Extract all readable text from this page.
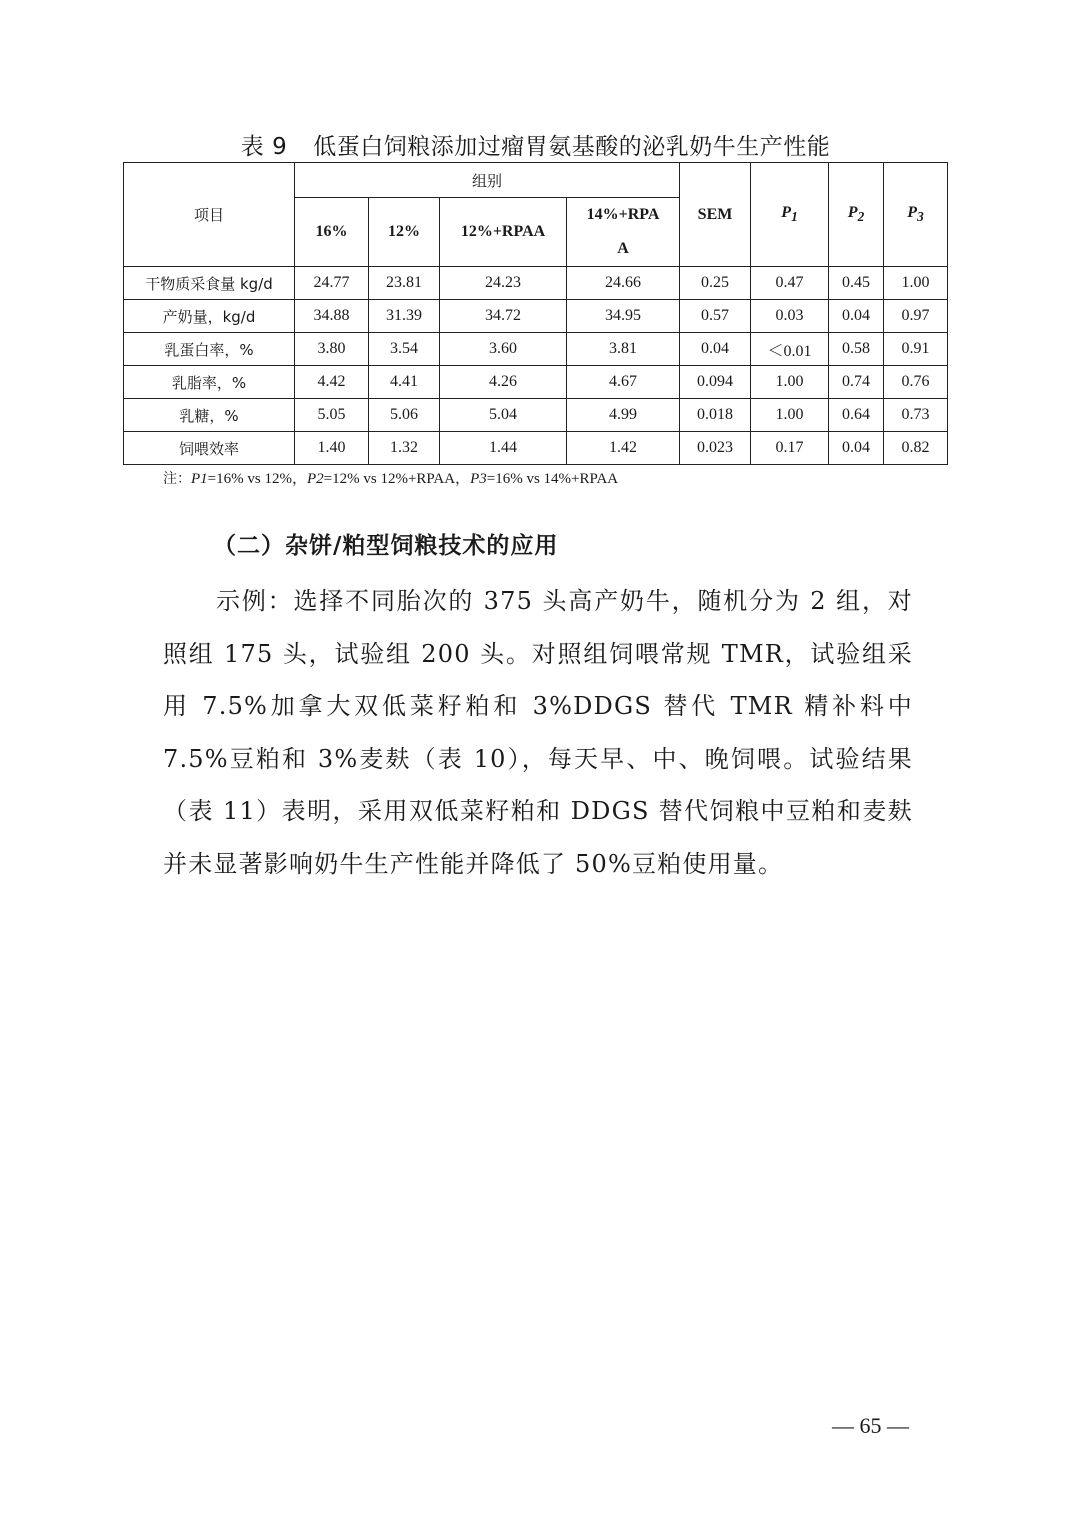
表 9 低蛋白饲粮添加过瘤胃氨基酸的泌乳奶牛生产性能
项目	组别				SEM	$P_1$	$P_2$	$P_3$
	16%	12%	12%+RPAA	14%+RPA A				
干物质采食量 kg/d	24.77	23.81	24.23	24.66	0.25	0.47	0.45	1.00
产奶量，kg/d	34.88	31.39	34.72	34.95	0.57	0.03	0.04	0.97
乳蛋白率，%	3.80	3.54	3.60	3.81	0.04	＜0.01	0.58	0.91
乳脂率，%	4.42	4.41	4.26	4.67	0.094	1.00	0.74	0.76
乳糖，%	5.05	5.06	5.04	4.99	0.018	1.00	0.64	0.73
饲喂效率	1.40	1.32	1.44	1.42	0.023	0.17	0.04	0.82
注：P1=16% vs 12%，P2=12% vs 12%+RPAA，P3=16% vs 14%+RPAA
（二）杂饼/粕型饲粮技术的应用

示例：选择不同胎次的 375 头高产奶牛，随机分为 2 组，对照组 175 头，试验组 200 头。对照组饲喂常规 TMR，试验组采用 7.5%加拿大双低菜籽粕和 3%DDGS 替代 TMR 精补料中 7.5%豆粕和 3%麦麸（表 10），每天早、中、晚饲喂。试验结果（表 11）表明，采用双低菜籽粕和 DDGS 替代饲粮中豆粕和麦麸并未显著影响奶牛生产性能并降低了 50%豆粕使用量。

— 65 —
